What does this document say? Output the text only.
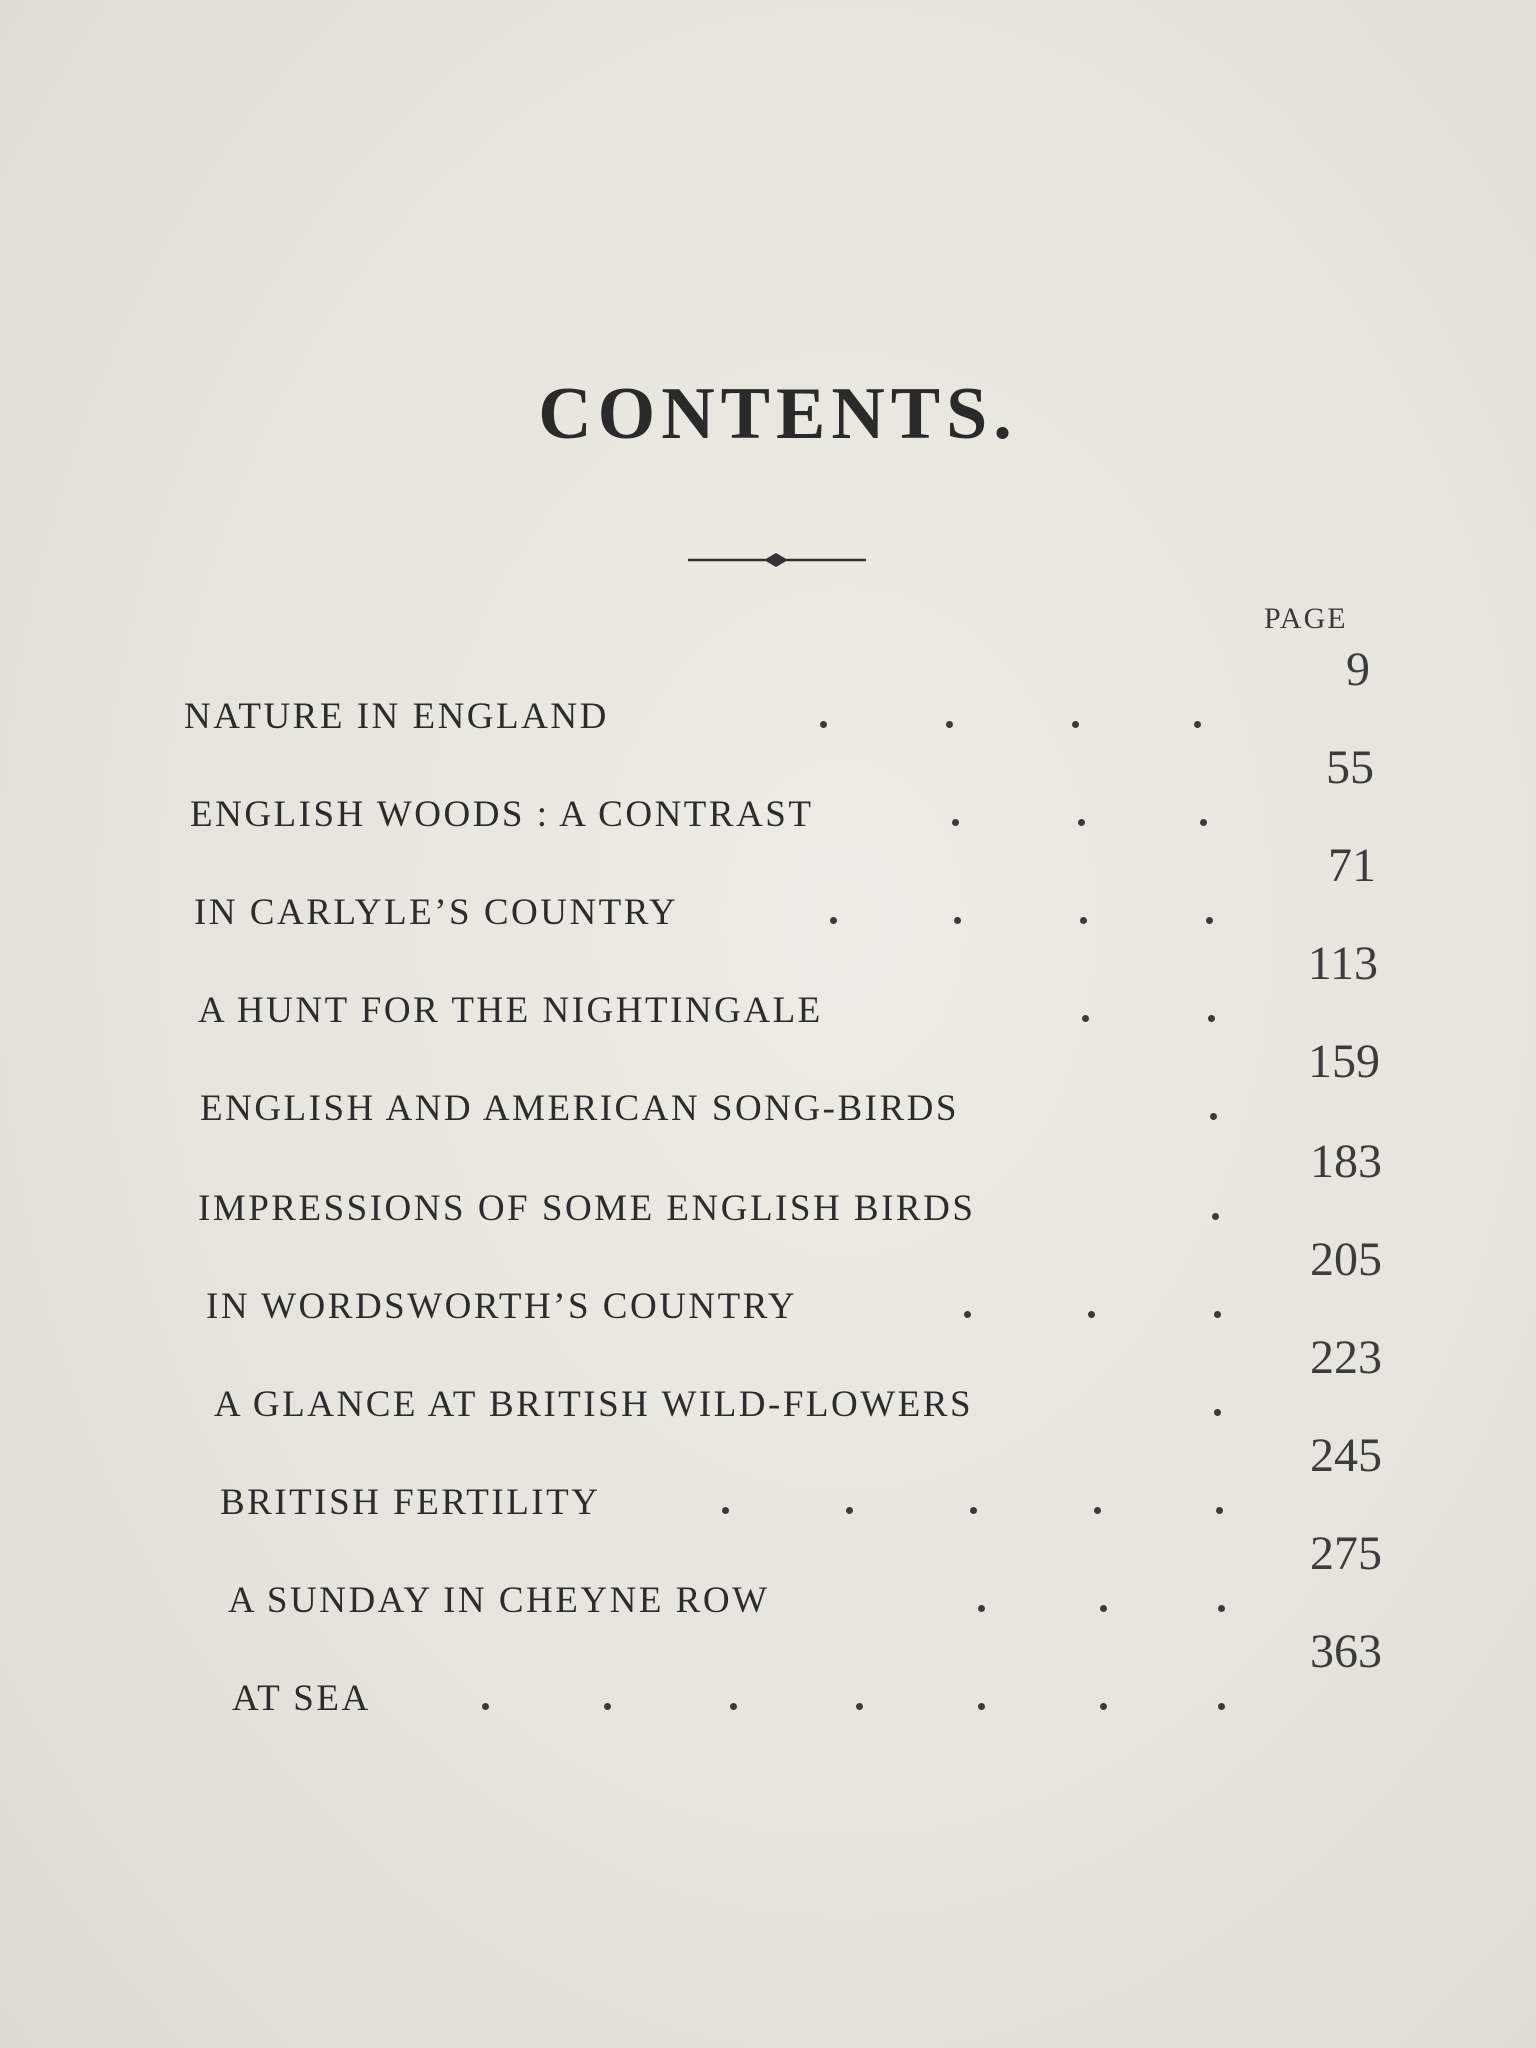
CONTENTS.
PAGE
NATURE IN ENGLAND
9
ENGLISH WOODS : A CONTRAST
55
IN CARLYLE’S COUNTRY
71
A HUNT FOR THE NIGHTINGALE
113
ENGLISH AND AMERICAN SONG-BIRDS
159
IMPRESSIONS OF SOME ENGLISH BIRDS
183
IN WORDSWORTH’S COUNTRY
205
A GLANCE AT BRITISH WILD-FLOWERS
223
BRITISH FERTILITY
245
A SUNDAY IN CHEYNE ROW
275
AT SEA
363
